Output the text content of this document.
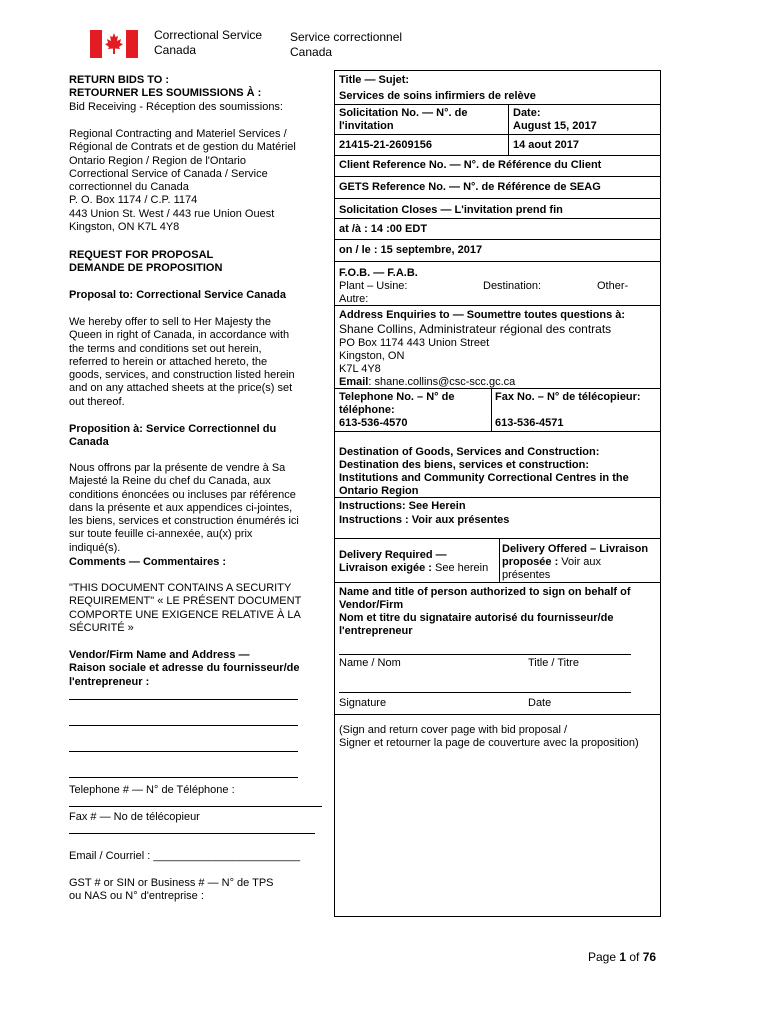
Correctional Service
Canada
Service correctionnel
Canada
RETURN BIDS TO :
RETOURNER LES SOUMISSIONS À :
Bid Receiving - Réception des soumissions:
Regional Contracting and Materiel Services /
Régional de Contrats et de gestion du Matériel
Ontario Region / Region de l'Ontario
Correctional Service of Canada / Service
correctionnel du Canada
P. O. Box 1174 / C.P. 1174
443 Union St. West / 443 rue Union Ouest
Kingston, ON K7L 4Y8
REQUEST FOR PROPOSAL
DEMANDE DE PROPOSITION
Proposal to: Correctional Service Canada
We hereby offer to sell to Her Majesty the
Queen in right of Canada, in accordance with
the terms and conditions set out herein,
referred to herein or attached hereto, the
goods, services, and construction listed herein
and on any attached sheets at the price(s) set
out thereof.
Proposition à: Service Correctionnel du
Canada
Nous offrons par la présente de vendre à Sa
Majesté la Reine du chef du Canada, aux
conditions énoncées ou incluses par référence
dans la présente et aux appendices ci-jointes,
les biens, services et construction énumérés ici
sur toute feuille ci-annexée, au(x) prix
indiqué(s).
Comments — Commentaires :
"THIS DOCUMENT CONTAINS A SECURITY
REQUIREMENT" « LE PRÉSENT DOCUMENT
COMPORTE UNE EXIGENCE RELATIVE À LA
SÉCURITÉ »
Vendor/Firm Name and Address —
Raison sociale et adresse du fournisseur/de
l'entrepreneur :
Telephone # — N° de Téléphone :
Fax # — No de télécopieur
Email / Courriel : ________________________
GST # or SIN or Business # — N° de TPS
ou NAS ou N° d'entreprise :
Title — Sujet:
Services de soins infirmiers de relève
Solicitation No. — N°. de
l'invitation
Date:
August 15, 2017
21415-21-2609156	14 aout 2017
Client Reference No. — N°. de Référence du Client
GETS Reference No. — N°. de Référence de SEAG
Solicitation Closes — L'invitation prend fin
at /à : 14 :00 EDT
on / le : 15 septembre, 2017
F.O.B. — F.A.B.
Plant – Usine:	Destination:	Other-
Autre:
Address Enquiries to — Soumettre toutes questions à:
Shane Collins, Administrateur régional des contrats
PO Box 1174 443 Union Street
Kingston, ON
K7L 4Y8
Email: shane.collins@csc-scc.gc.ca
Telephone No. – N° de
téléphone:
613-536-4570
Fax No. – N° de télécopieur:
613-536-4571
Destination of Goods, Services and Construction:
Destination des biens, services et construction:
Institutions and Community Correctional Centres in the
Ontario Region
Instructions: See Herein
Instructions : Voir aux présentes
Delivery Required —
Livraison exigée : See herein
Delivery Offered – Livraison
proposée : Voir aux
présentes
Name and title of person authorized to sign on behalf of
Vendor/Firm
Nom et titre du signataire autorisé du fournisseur/de
l'entrepreneur
Name / Nom	Title / Titre
Signature	Date
(Sign and return cover page with bid proposal /
Signer et retourner la page de couverture avec la proposition)
Page 1 of 76
